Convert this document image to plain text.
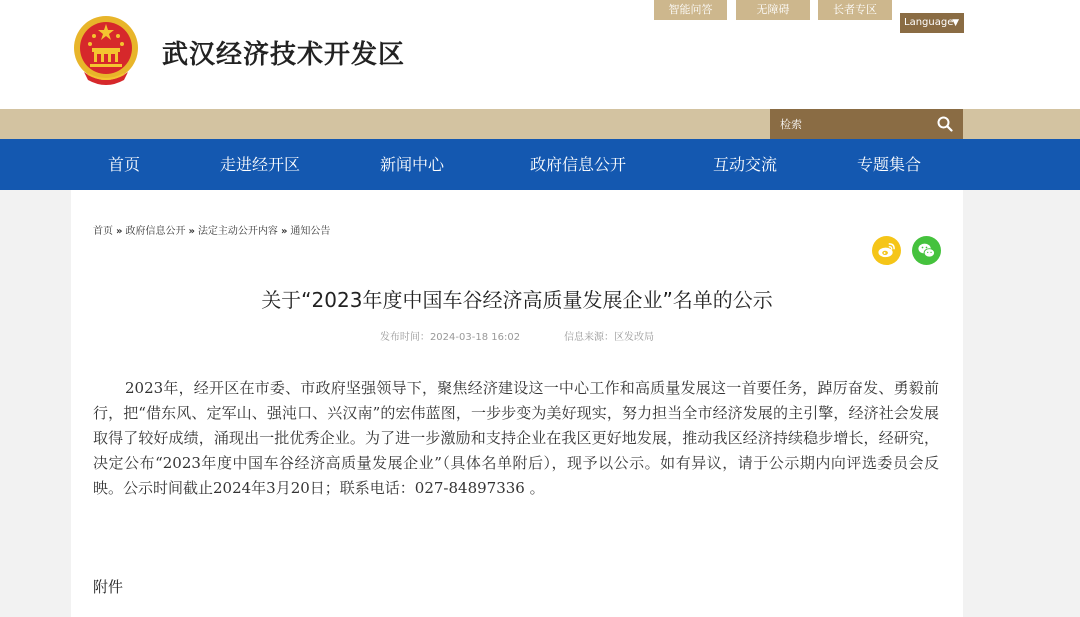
武汉经济技术开发区
智能问答	无障碍	长者专区
Language
▼
检索
首页	走进经开区	新闻中心	政府信息公开	互动交流	专题集合
首页 » 政府信息公开 » 法定主动公开内容 » 通知公告
关于“2023年度中国车谷经济高质量发展企业”名单的公示
发布时间：2024-03-18 16:02	信息来源：区发改局

2023年，经开区在市委、市政府坚强领导下，聚焦经济建设这一中心工作和高质量发展这一首要任务，踔厉奋发、勇毅前行，把“借东风、定军山、强沌口、兴汉南”的宏伟蓝图，一步步变为美好现实，努力担当全市经济发展的主引擎，经济社会发展取得了较好成绩，涌现出一批优秀企业。为了进一步激励和支持企业在我区更好地发展，推动我区经济持续稳步增长，经研究，决定公布“2023年度中国车谷经济高质量发展企业”（具体名单附后），现予以公示。如有异议，请于公示期内向评选委员会反映。公示时间截止2024年3月20日；联系电话：027-84897336 。

附件
